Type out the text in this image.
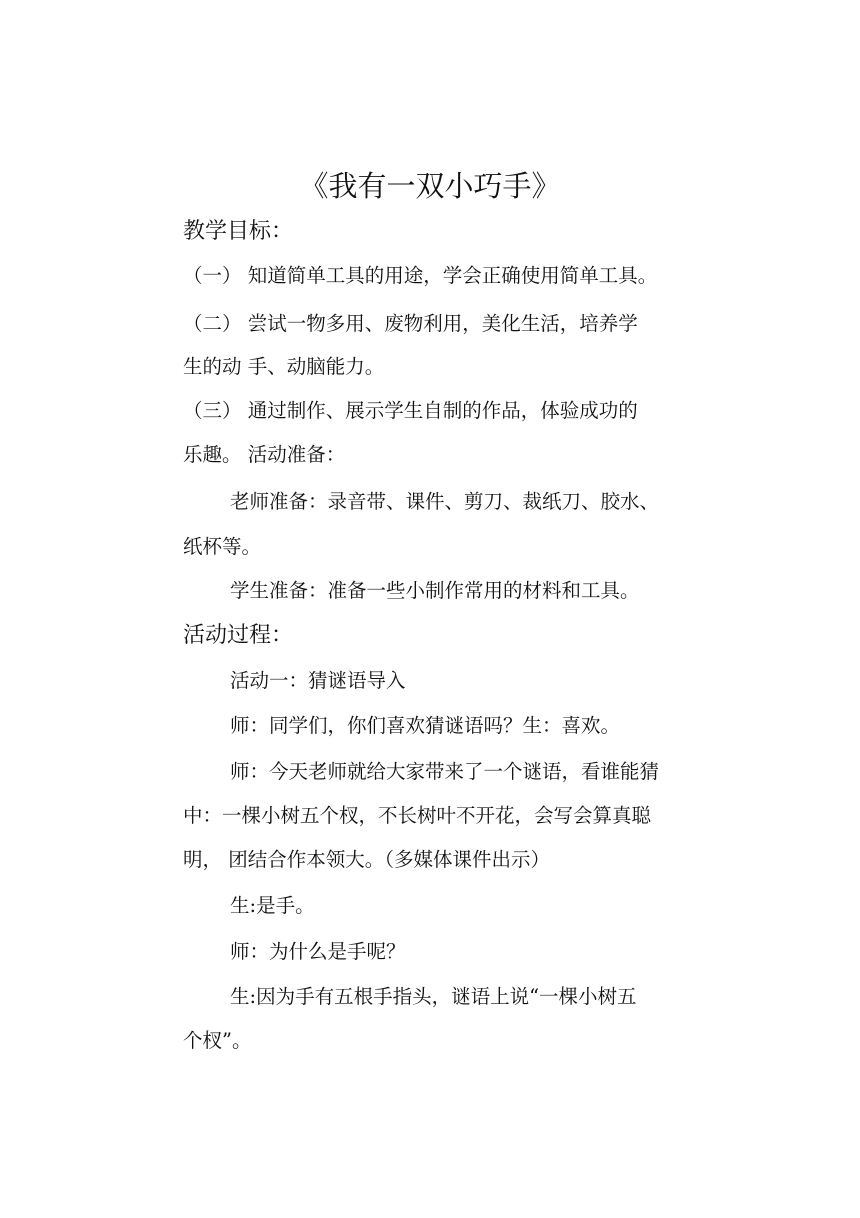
《我有一双小巧手》
教学目标：
（一） 知道简单工具的用途，学会正确使用简单工具。
（二） 尝试一物多用、废物利用，美化生活，培养学
生的动 手、动脑能力。
（三） 通过制作、展示学生自制的作品，体验成功的
乐趣。 活动准备：
老师准备：录音带、课件、剪刀、裁纸刀、胶水、
纸杯等。
学生准备：准备一些小制作常用的材料和工具。
活动过程：
活动一：猜谜语导入
师：同学们，你们喜欢猜谜语吗？生：喜欢。
师：今天老师就给大家带来了一个谜语，看谁能猜
中：一棵小树五个杈，不长树叶不开花，会写会算真聪
明， 团结合作本领大。（多媒体课件出示）
生:是手。
师：为什么是手呢？
生:因为手有五根手指头，谜语上说“一棵小树五
个杈”。
